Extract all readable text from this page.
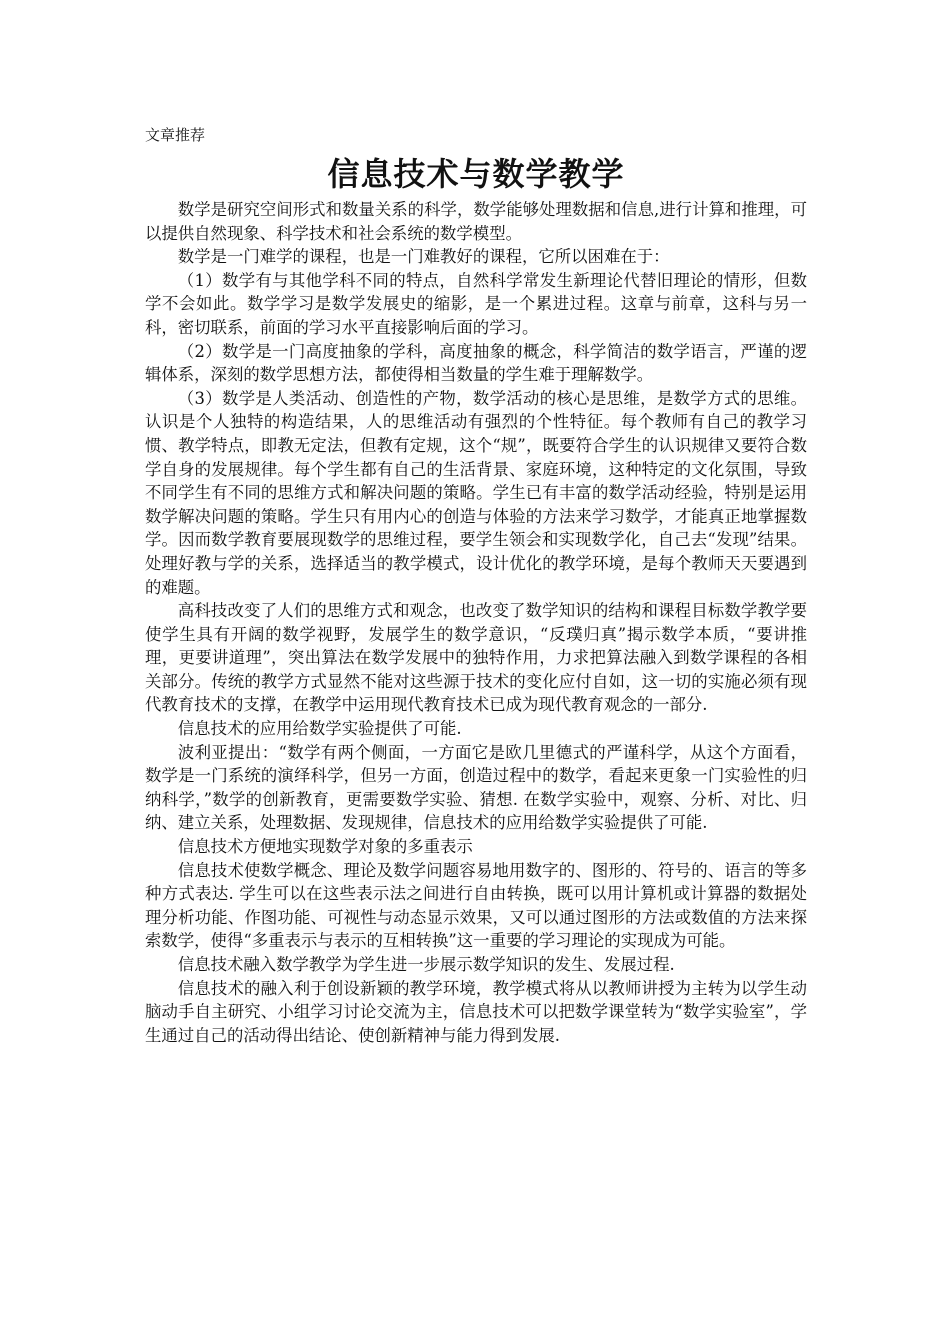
文章推荐
信息技术与数学教学

数学是研究空间形式和数量关系的科学，数学能够处理数据和信息,进行计算和推理，可以提供自然现象、科学技术和社会系统的数学模型。

数学是一门难学的课程，也是一门难教好的课程，它所以困难在于：

（1）数学有与其他学科不同的特点，自然科学常发生新理论代替旧理论的情形，但数学不会如此。数学学习是数学发展史的缩影，是一个累进过程。这章与前章，这科与另一科，密切联系，前面的学习水平直接影响后面的学习。

（2）数学是一门高度抽象的学科，高度抽象的概念，科学简洁的数学语言，严谨的逻辑体系，深刻的数学思想方法，都使得相当数量的学生难于理解数学。

（3）数学是人类活动、创造性的产物，数学活动的核心是思维，是数学方式的思维。认识是个人独特的构造结果，人的思维活动有强烈的个性特征。每个教师有自己的教学习惯、教学特点，即教无定法，但教有定规，这个“规”，既要符合学生的认识规律又要符合数学自身的发展规律。每个学生都有自己的生活背景、家庭环境，这种特定的文化氛围，导致不同学生有不同的思维方式和解决问题的策略。学生已有丰富的数学活动经验，特别是运用数学解决问题的策略。学生只有用内心的创造与体验的方法来学习数学，才能真正地掌握数学。因而数学教育要展现数学的思维过程，要学生领会和实现数学化，自己去“发现”结果。处理好教与学的关系，选择适当的教学模式，设计优化的教学环境，是每个教师天天要遇到的难题。

高科技改变了人们的思维方式和观念，也改变了数学知识的结构和课程目标数学教学要使学生具有开阔的数学视野，发展学生的数学意识，“反璞归真”揭示数学本质，“要讲推理，更要讲道理”，突出算法在数学发展中的独特作用，力求把算法融入到数学课程的各相关部分。传统的教学方式显然不能对这些源于技术的变化应付自如，这一切的实施必须有现代教育技术的支撑，在教学中运用现代教育技术已成为现代教育观念的一部分.

信息技术的应用给数学实验提供了可能.

波利亚提出：“数学有两个侧面，一方面它是欧几里德式的严谨科学，从这个方面看，数学是一门系统的演绎科学，但另一方面，创造过程中的数学，看起来更象一门实验性的归纳科学，”数学的创新教育，更需要数学实验、猜想. 在数学实验中，观察、分析、对比、归纳、建立关系，处理数据、发现规律，信息技术的应用给数学实验提供了可能.

信息技术方便地实现数学对象的多重表示

信息技术使数学概念、理论及数学问题容易地用数字的、图形的、符号的、语言的等多种方式表达. 学生可以在这些表示法之间进行自由转换，既可以用计算机或计算器的数据处理分析功能、作图功能、可视性与动态显示效果，又可以通过图形的方法或数值的方法来探索数学，使得“多重表示与表示的互相转换”这一重要的学习理论的实现成为可能。

信息技术融入数学教学为学生进一步展示数学知识的发生、发展过程.

信息技术的融入利于创设新颖的教学环境，教学模式将从以教师讲授为主转为以学生动脑动手自主研究、小组学习讨论交流为主，信息技术可以把数学课堂转为“数学实验室”，学生通过自己的活动得出结论、使创新精神与能力得到发展.
